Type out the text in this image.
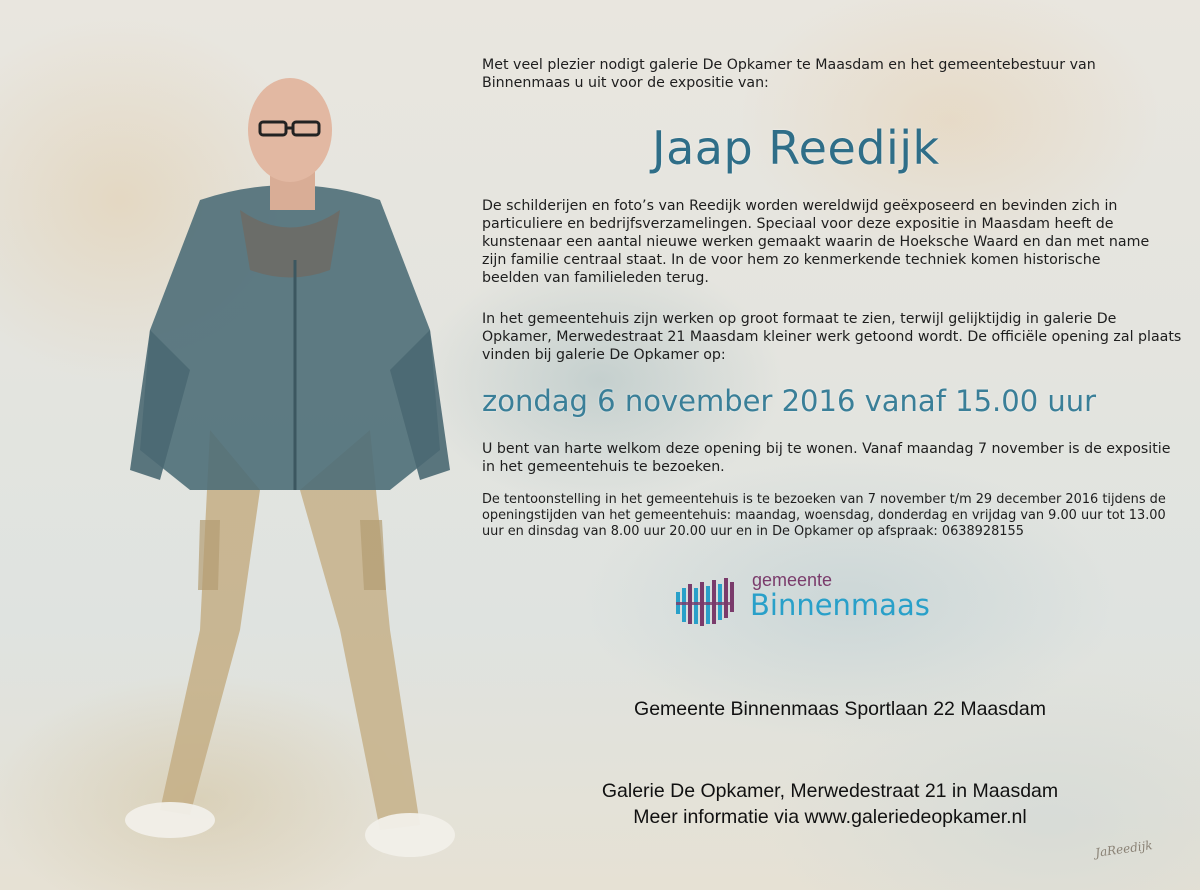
Met veel plezier nodigt galerie De Opkamer te Maasdam en het gemeentebestuur van Binnenmaas u uit voor de expositie van:

Jaap Reedijk

De schilderijen en foto’s van Reedijk worden wereldwijd geëxposeerd en bevinden zich in particuliere en bedrijfsverzamelingen. Speciaal voor deze expositie in Maasdam heeft de kunstenaar een aantal nieuwe werken gemaakt waarin de Hoeksche Waard en dan met name zijn familie centraal staat. In de voor hem zo kenmerkende techniek komen historische beelden van familieleden terug.

In het gemeentehuis zijn werken op groot formaat te zien, terwijl gelijktijdig in galerie De Opkamer, Merwedestraat 21 Maasdam kleiner werk getoond wordt. De officiële opening zal plaats vinden bij galerie De Opkamer op:

zondag 6 november 2016 vanaf 15.00 uur

U bent van harte welkom deze opening bij te wonen. Vanaf maandag 7 november is de expositie in het gemeentehuis te bezoeken.

De tentoonstelling in het gemeentehuis is te bezoeken van 7 november t/m 29 december 2016 tijdens de openingstijden van het gemeentehuis: maandag, woensdag, donderdag en vrijdag van 9.00 uur tot 13.00 uur en dinsdag van 8.00 uur 20.00 uur en in De Opkamer op afspraak: 0638928155

gemeente
Binnenmaas
Gemeente Binnenmaas Sportlaan 22 Maasdam
Galerie De Opkamer, Merwedestraat 21 in Maasdam
Meer informatie via www.galeriedeopkamer.nl
JaReedijk
